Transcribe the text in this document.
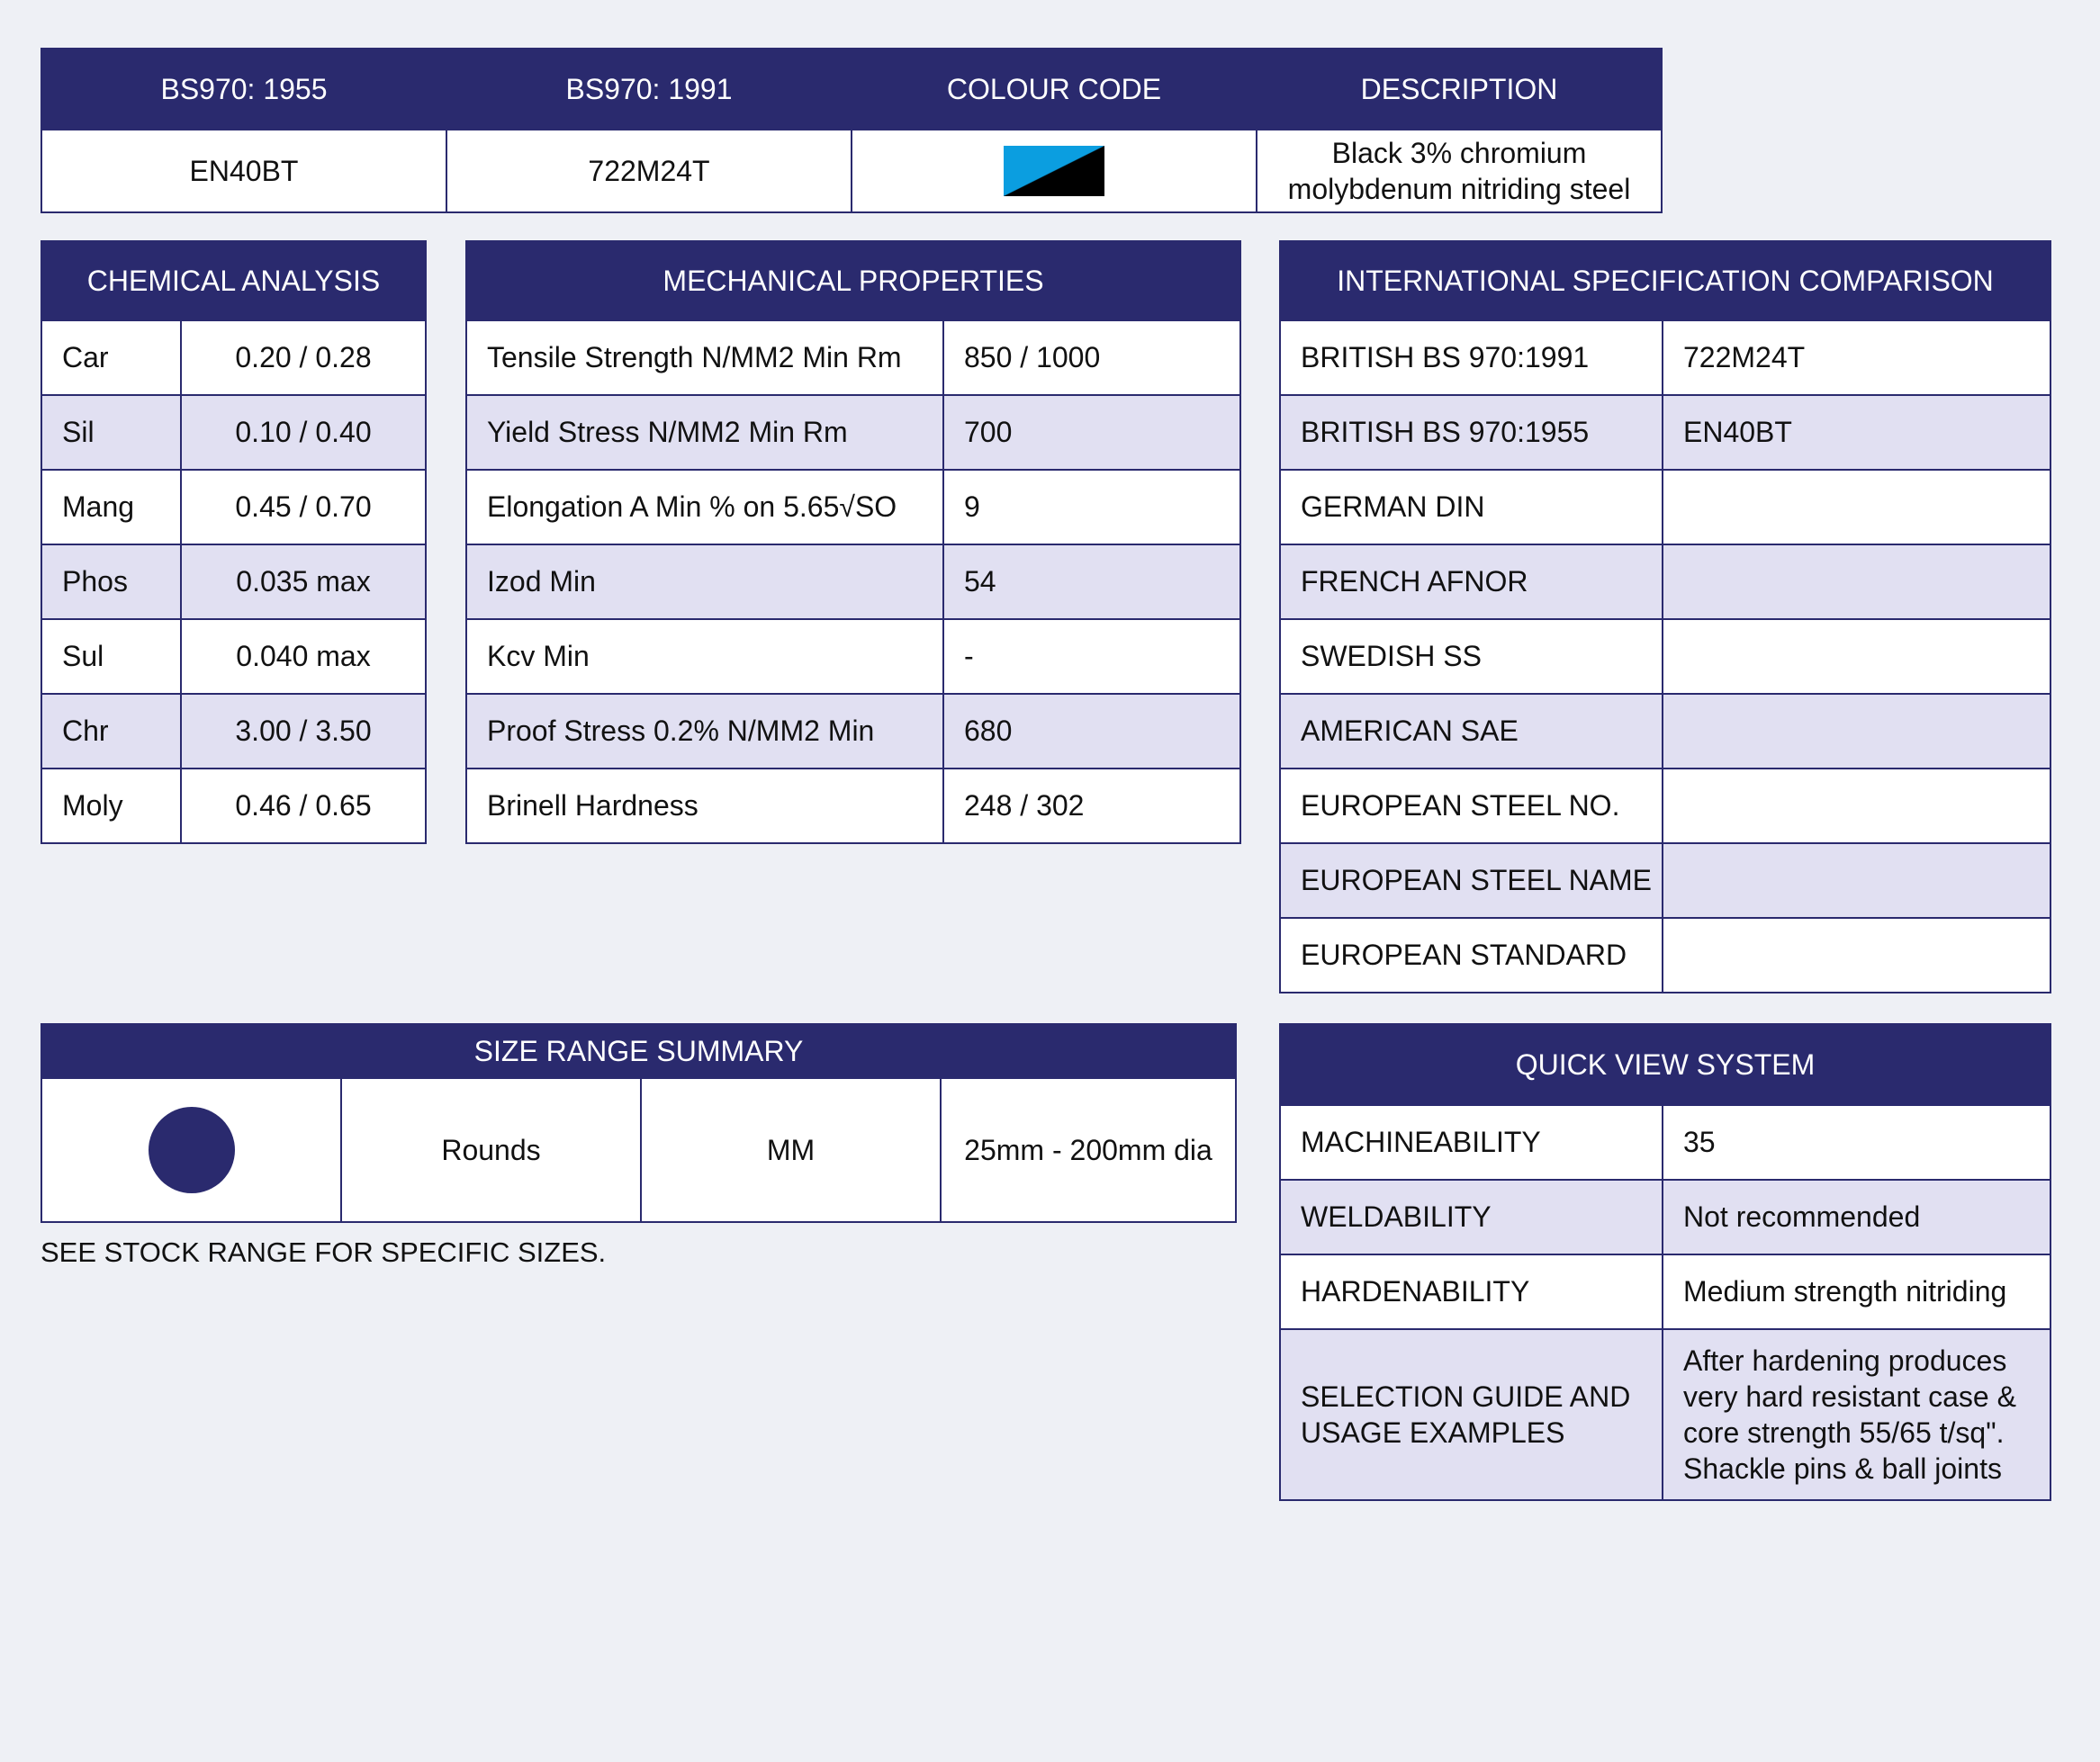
BS970: 1955	BS970: 1991	COLOUR CODE	DESCRIPTION
EN40BT	722M24T		Black 3% chromium molybdenum nitriding steel
CHEMICAL ANALYSIS	
Car	0.20 / 0.28
Sil	0.10 / 0.40
Mang	0.45 / 0.70
Phos	0.035 max
Sul	0.040 max
Chr	3.00 / 3.50
Moly	0.46 / 0.65
MECHANICAL PROPERTIES	
Tensile Strength N/MM2 Min Rm	850 / 1000
Yield Stress N/MM2 Min Rm	700
Elongation A Min % on 5.65√SO	9
Izod Min	54
Kcv Min	-
Proof Stress 0.2% N/MM2 Min	680
Brinell Hardness	248 / 302
INTERNATIONAL SPECIFICATION COMPARISON	
BRITISH BS 970:1991	722M24T
BRITISH BS 970:1955	EN40BT
GERMAN DIN	
FRENCH AFNOR	
SWEDISH SS	
AMERICAN SAE	
EUROPEAN STEEL NO.	
EUROPEAN STEEL NAME	
EUROPEAN STANDARD	
SIZE RANGE SUMMARY
	Rounds	MM	25mm - 200mm dia
SEE STOCK RANGE FOR SPECIFIC SIZES.
QUICK VIEW SYSTEM	
MACHINEABILITY	35
WELDABILITY	Not recommended
HARDENABILITY	Medium strength nitriding
SELECTION GUIDE AND USAGE EXAMPLES	After hardening produces very hard resistant case & core strength 55/65 t/sq". Shackle pins & ball joints
